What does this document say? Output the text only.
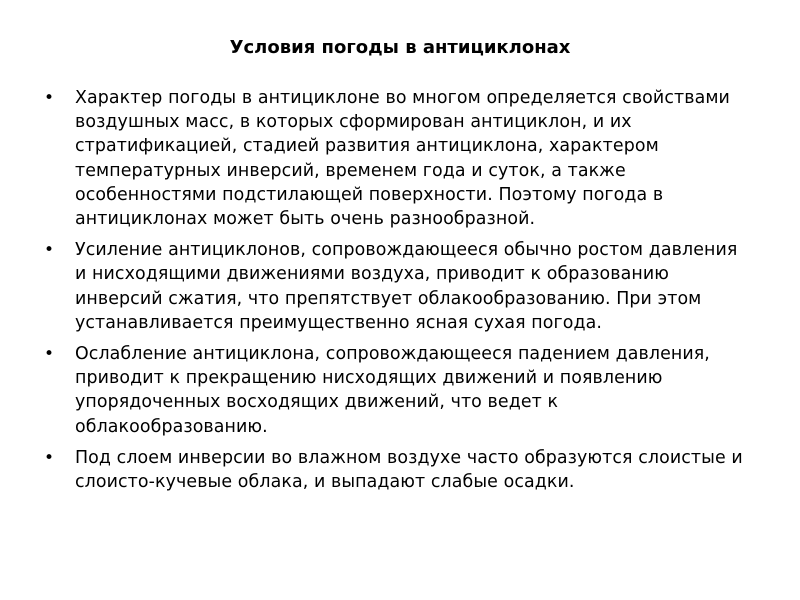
Условия погоды в антициклонах
•	Характер погоды в антициклоне во многом определяется свойствами воздушных масс, в которых сформирован антициклон, и их стратификацией, стадией развития антициклона, характером температурных инверсий, временем года и суток, а также особенностями подстилающей поверхности. Поэтому погода в антициклонах может быть очень разнообразной.
•	Усиление антициклонов, сопровождающееся обычно ростом давления и нисходящими движениями воздуха, приводит к образованию инверсий сжатия, что препятствует облакообразованию. При этом устанавливается преимущественно ясная сухая погода.
•	Ослабление антициклона, сопровождающееся падением давления, приводит к прекращению нисходящих движений и появлению упорядоченных восходящих движений, что ведет к облакообразованию.
•	Под слоем инверсии во влажном воздухе часто образуются слоистые и слоисто-кучевые облака, и выпадают слабые осадки.
